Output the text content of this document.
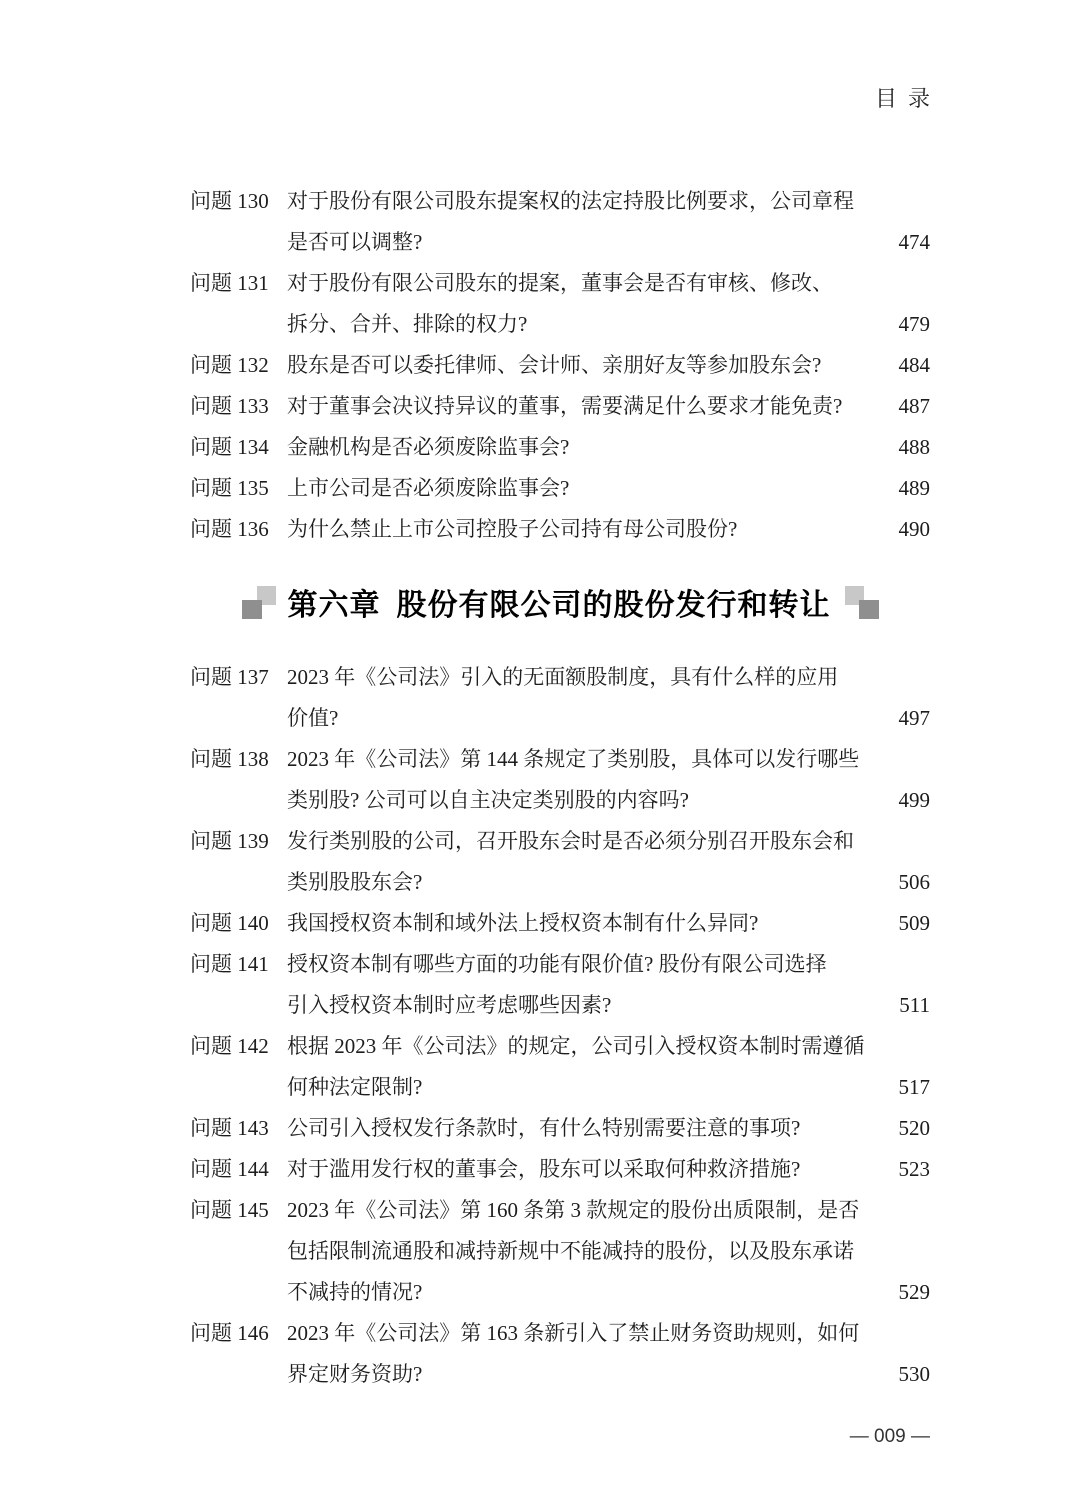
目  录
问题 130 对于股份有限公司股东提案权的法定持股比例要求，公司章程
是否可以调整?	474
问题 131 对于股份有限公司股东的提案，董事会是否有审核、修改、
拆分、合并、排除的权力?	479
问题 132 股东是否可以委托律师、会计师、亲朋好友等参加股东会?	484
问题 133 对于董事会决议持异议的董事，需要满足什么要求才能免责?	487
问题 134 金融机构是否必须废除监事会?	488
问题 135 上市公司是否必须废除监事会?	489
问题 136 为什么禁止上市公司控股子公司持有母公司股份?	490
第六章 股份有限公司的股份发行和转让
问题 137 2023 年《公司法》引入的无面额股制度，具有什么样的应用
价值?	497
问题 138 2023 年《公司法》第 144 条规定了类别股，具体可以发行哪些
类别股? 公司可以自主决定类别股的内容吗?	499
问题 139 发行类别股的公司，召开股东会时是否必须分别召开股东会和
类别股股东会?	506
问题 140 我国授权资本制和域外法上授权资本制有什么异同?	509
问题 141 授权资本制有哪些方面的功能有限价值? 股份有限公司选择
引入授权资本制时应考虑哪些因素?	511
问题 142 根据 2023 年《公司法》的规定，公司引入授权资本制时需遵循
何种法定限制?	517
问题 143 公司引入授权发行条款时，有什么特别需要注意的事项?	520
问题 144 对于滥用发行权的董事会，股东可以采取何种救济措施?	523
问题 145 2023 年《公司法》第 160 条第 3 款规定的股份出质限制，是否
包括限制流通股和减持新规中不能减持的股份，以及股东承诺
不减持的情况?	529
问题 146 2023 年《公司法》第 163 条新引入了禁止财务资助规则，如何
界定财务资助?	530

— 009 —
